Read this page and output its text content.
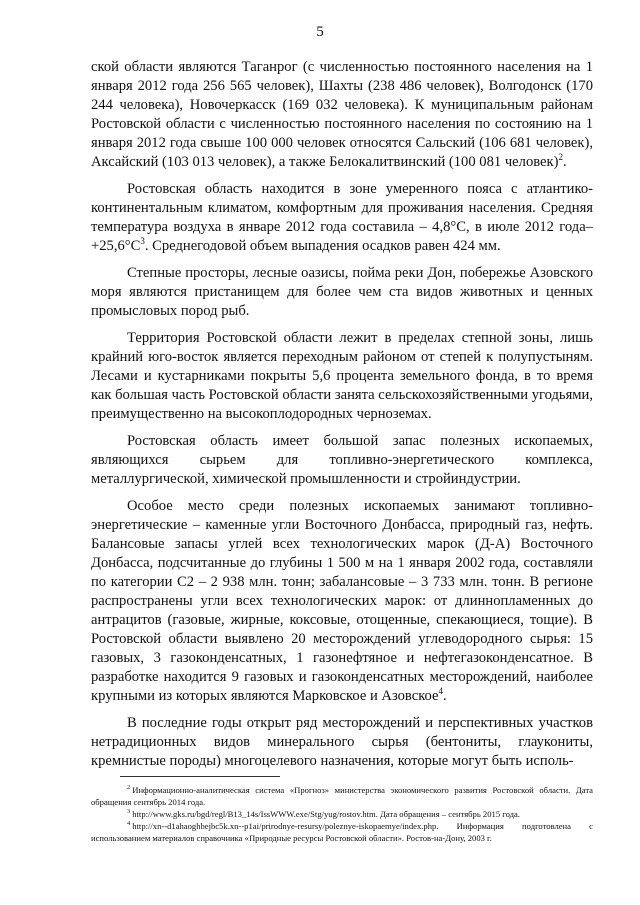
5

ской области являются Таганрог (с численностью постоянного населения на 1 января 2012 года 256 565 человек), Шахты (238 486 человек), Волгодонск (170 244 человека), Новочеркасск (169 032 человека). К муниципальным районам Ростовской области с численностью постоянного населения по состоянию на 1 января 2012 года свыше 100 000 человек относятся Сальский (106 681 человек), Аксайский (103 013 человек), а также Белокалитвинский (100 081 человек)$^2$.

Ростовская область находится в зоне умеренного пояса с атлантико-континентальным климатом, комфортным для проживания населения. Средняя температура воздуха в январе 2012 года составила – 4,8°С, в июле 2012 года– $+25,6^\circ С^3$. Среднегодовой объем выпадения осадков равен 424 мм.

Степные просторы, лесные оазисы, пойма реки Дон, побережье Азовского моря являются пристанищем для более чем ста видов животных и ценных промысловых пород рыб.

Территория Ростовской области лежит в пределах степной зоны, лишь крайний юго-восток является переходным районом от степей к полупустыням. Лесами и кустарниками покрыты 5,6 процента земельного фонда, в то время как большая часть Ростовской области занята сельскохозяйственными угодьями, преимущественно на высокоплодородных черноземах.

Ростовская область имеет большой запас полезных ископаемых, являющихся сырьем для топливно-энергетического комплекса, металлургической, химической промышленности и стройиндустрии.

Особое место среди полезных ископаемых занимают топливно-энергетические – каменные угли Восточного Донбасса, природный газ, нефть. Балансовые запасы углей всех технологических марок (Д-А) Восточного Донбасса, подсчитанные до глубины 1 500 м на 1 января 2002 года, составляли по категории С2 – 2 938 млн. тонн; забалансовые – 3 733 млн. тонн. В регионе распространены угли всех технологических марок: от длиннопламенных до антрацитов (газовые, жирные, коксовые, отощенные, спекающиеся, тощие). В Ростовской области выявлено 20 месторождений углеводородного сырья: 15 газовых, 3 газоконденсатных, 1 газонефтяное и нефтегазоконденсатное. В разработке находится 9 газовых и газоконденсатных месторождений, наиболее крупными из которых являются Марковское и Азовское$^4$.

В последние годы открыт ряд месторождений и перспективных участков нетрадиционных видов минерального сырья (бентониты, глаукониты, кремнистые породы) многоцелевого назначения, которые могут быть исполь-

$^2$ Информационно-аналитическая система «Прогноз» министерства экономического развития Ростовской области. Дата обращения сентябрь 2014 года.

$^3$ http://www.gks.ru/bgd/regl/B13_14s/IssWWW.exe/Stg/yug/rostov.htm. Дата обращения – сентябрь 2015 года.

$^4$ http://xn--d1ahaoghbejbc5k.xn--p1ai/prirodnye-resursy/poleznye-iskopaemye/index.php. Информация подготовлена с использованием материалов справочника «Природные ресурсы Ростовской области». Ростов-на-Дону, 2003 г.
